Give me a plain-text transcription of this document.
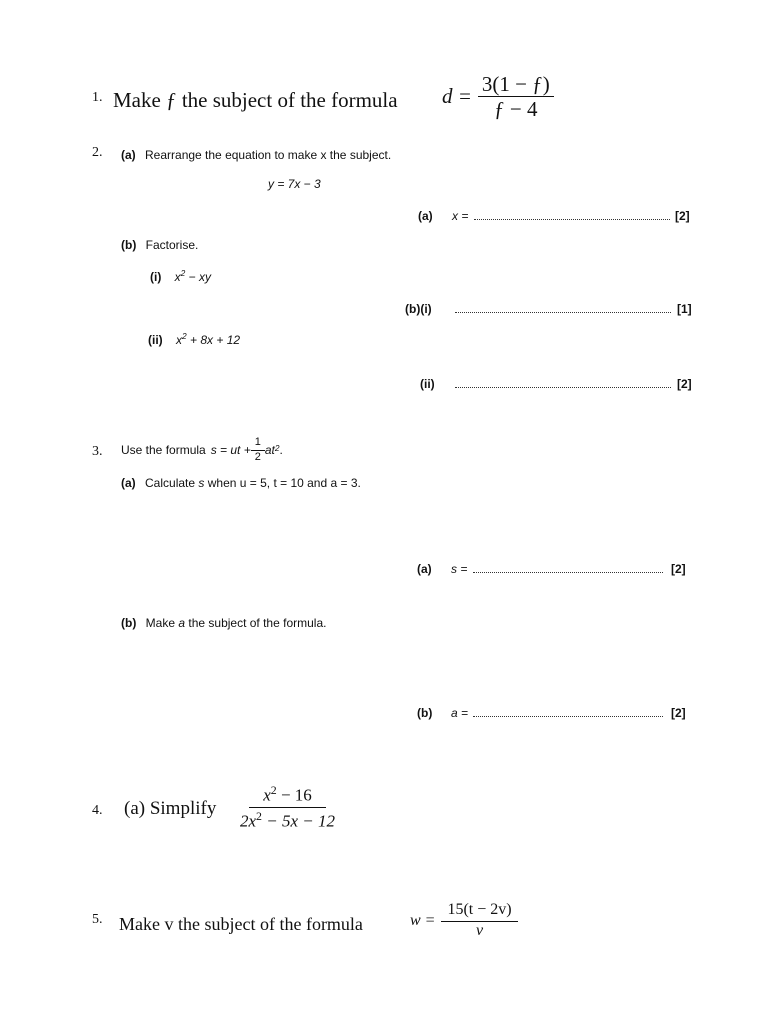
1. Make ƒ the subject of the formula $d = \frac{3(1 - ƒ)}{ƒ - 4}$
2. (a) Rearrange the equation to make x the subject.
y = 7x − 3
(a) x =	[2]
(b) Factorise.
(i) $x^2$ − xy
(b)(i)	[1]
(ii) $x^2 + 8x + 12$
(ii)	[2]
3. Use the formula s = ut + $\frac{1}{2}$ at 2 .
(a) Calculate s when u = 5, t = 10 and a = 3.
(a) s =	[2]
(b) Make a the subject of the formula.
(b) a =	[2]
4. (a) Simplify $\frac{x^2 - 16}{2x^2 - 5x - 12}$
5. Make v the subject of the formula	$w = \frac{15(t - 2v)}{v}$
